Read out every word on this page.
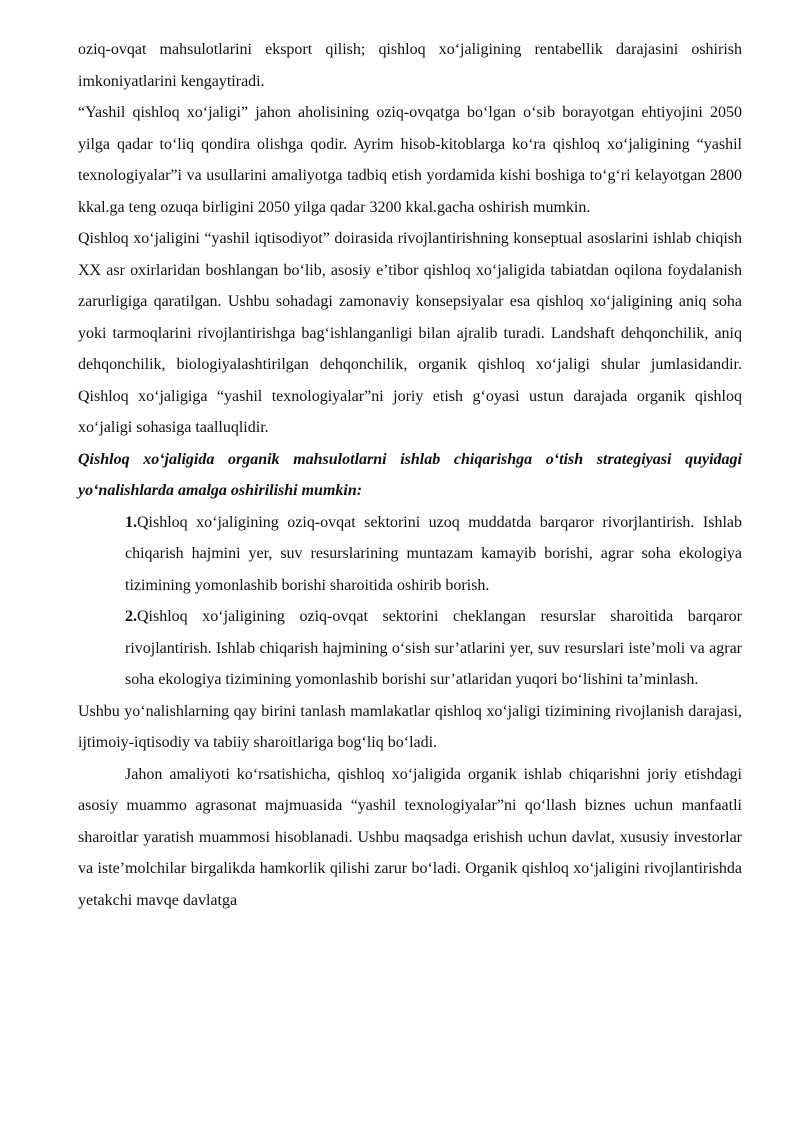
oziq-ovqat mahsulotlarini eksport qilish; qishloq xo‘jaligining rentabellik darajasini oshirish imkoniyatlarini kengaytiradi.

“Yashil qishloq xo‘jaligi” jahon aholisining oziq-ovqatga bo‘lgan o‘sib borayotgan ehtiyojini 2050 yilga qadar to‘liq qondira olishga qodir. Ayrim hisob-kitoblarga ko‘ra qishloq xo‘jaligining “yashil texnologiyalar”i va usullarini amaliyotga tadbiq etish yordamida kishi boshiga to‘g‘ri kelayotgan 2800 kkal.ga teng ozuqa birligini 2050 yilga qadar 3200 kkal.gacha oshirish mumkin.

Qishloq xo‘jaligini “yashil iqtisodiyot” doirasida rivojlantirishning konseptual asoslarini ishlab chiqish XX asr oxirlaridan boshlangan bo‘lib, asosiy e’tibor qishloq xo‘jaligida tabiatdan oqilona foydalanish zarurligiga qaratilgan. Ushbu sohadagi zamonaviy konsepsiyalar esa qishloq xo‘jaligining aniq soha yoki tarmoqlarini rivojlantirishga bag‘ishlanganligi bilan ajralib turadi. Landshaft dehqonchilik, aniq dehqonchilik, biologiyalashtirilgan dehqonchilik, organik qishloq xo‘jaligi shular jumlasidandir. Qishloq xo‘jaligiga “yashil texnologiyalar”ni joriy etish g‘oyasi ustun darajada organik qishloq xo‘jaligi sohasiga taalluqlidir.

Qishloq xo‘jaligida organik mahsulotlarni ishlab chiqarishga o‘tish strategiyasi quyidagi yo‘nalishlarda amalga oshirilishi mumkin:

1.Qishloq xo‘jaligining oziq-ovqat sektorini uzoq muddatda barqaror rivorjlantirish. Ishlab chiqarish hajmini yer, suv resurslarining muntazam kamayib borishi, agrar soha ekologiya tizimining yomonlashib borishi sharoitida oshirib borish.

2.Qishloq xo‘jaligining oziq-ovqat sektorini cheklangan resurslar sharoitida barqaror rivojlantirish. Ishlab chiqarish hajmining o‘sish sur’atlarini yer, suv resurslari iste’moli va agrar soha ekologiya tizimining yomonlashib borishi sur’atlaridan yuqori bo‘lishini ta’minlash.

Ushbu yo‘nalishlarning qay birini tanlash mamlakatlar qishloq xo‘jaligi tizimining rivojlanish darajasi, ijtimoiy-iqtisodiy va tabiiy sharoitlariga bog‘liq bo‘ladi.

Jahon amaliyoti ko‘rsatishicha, qishloq xo‘jaligida organik ishlab chiqarishni joriy etishdagi asosiy muammo agrasonat majmuasida “yashil texnologiyalar”ni qo‘llash biznes uchun manfaatli sharoitlar yaratish muammosi hisoblanadi. Ushbu maqsadga erishish uchun davlat, xususiy investorlar va iste’molchilar birgalikda hamkorlik qilishi zarur bo‘ladi. Organik qishloq xo‘jaligini rivojlantirishda yetakchi mavqe davlatga
